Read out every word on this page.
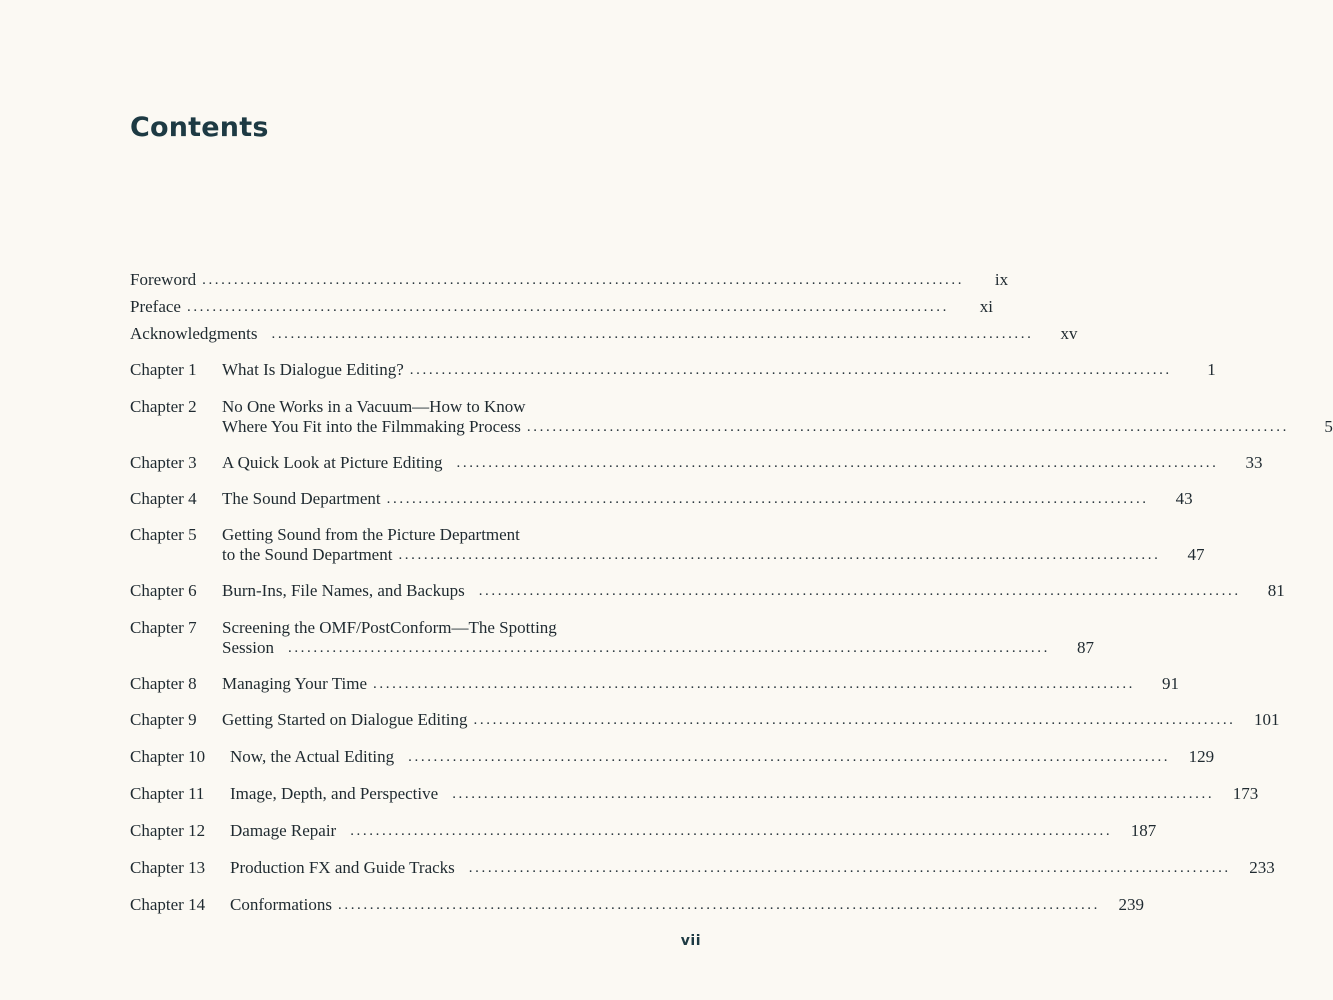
Contents
Foreword ........................................................................................................................	ix
Preface ........................................................................................................................	xi
Acknowledgments ........................................................................................................................	xv
Chapter 1	What Is Dialogue Editing? ........................................................................................................................	1
Chapter 2	No One Works in a Vacuum—How to Know
Where You Fit into the Filmmaking Process ........................................................................................................................	5
Chapter 3	A Quick Look at Picture Editing ........................................................................................................................	33
Chapter 4	The Sound Department ........................................................................................................................	43
Chapter 5	Getting Sound from the Picture Department
to the Sound Department ........................................................................................................................	47
Chapter 6	Burn-Ins, File Names, and Backups ........................................................................................................................	81
Chapter 7	Screening the OMF/PostConform—The Spotting
Session ........................................................................................................................	87
Chapter 8	Managing Your Time ........................................................................................................................	91
Chapter 9	Getting Started on Dialogue Editing ........................................................................................................................	101
Chapter 10	Now, the Actual Editing ........................................................................................................................	129
Chapter 11	Image, Depth, and Perspective ........................................................................................................................	173
Chapter 12	Damage Repair ........................................................................................................................	187
Chapter 13	Production FX and Guide Tracks ........................................................................................................................	233
Chapter 14	Conformations ........................................................................................................................	239
vii
